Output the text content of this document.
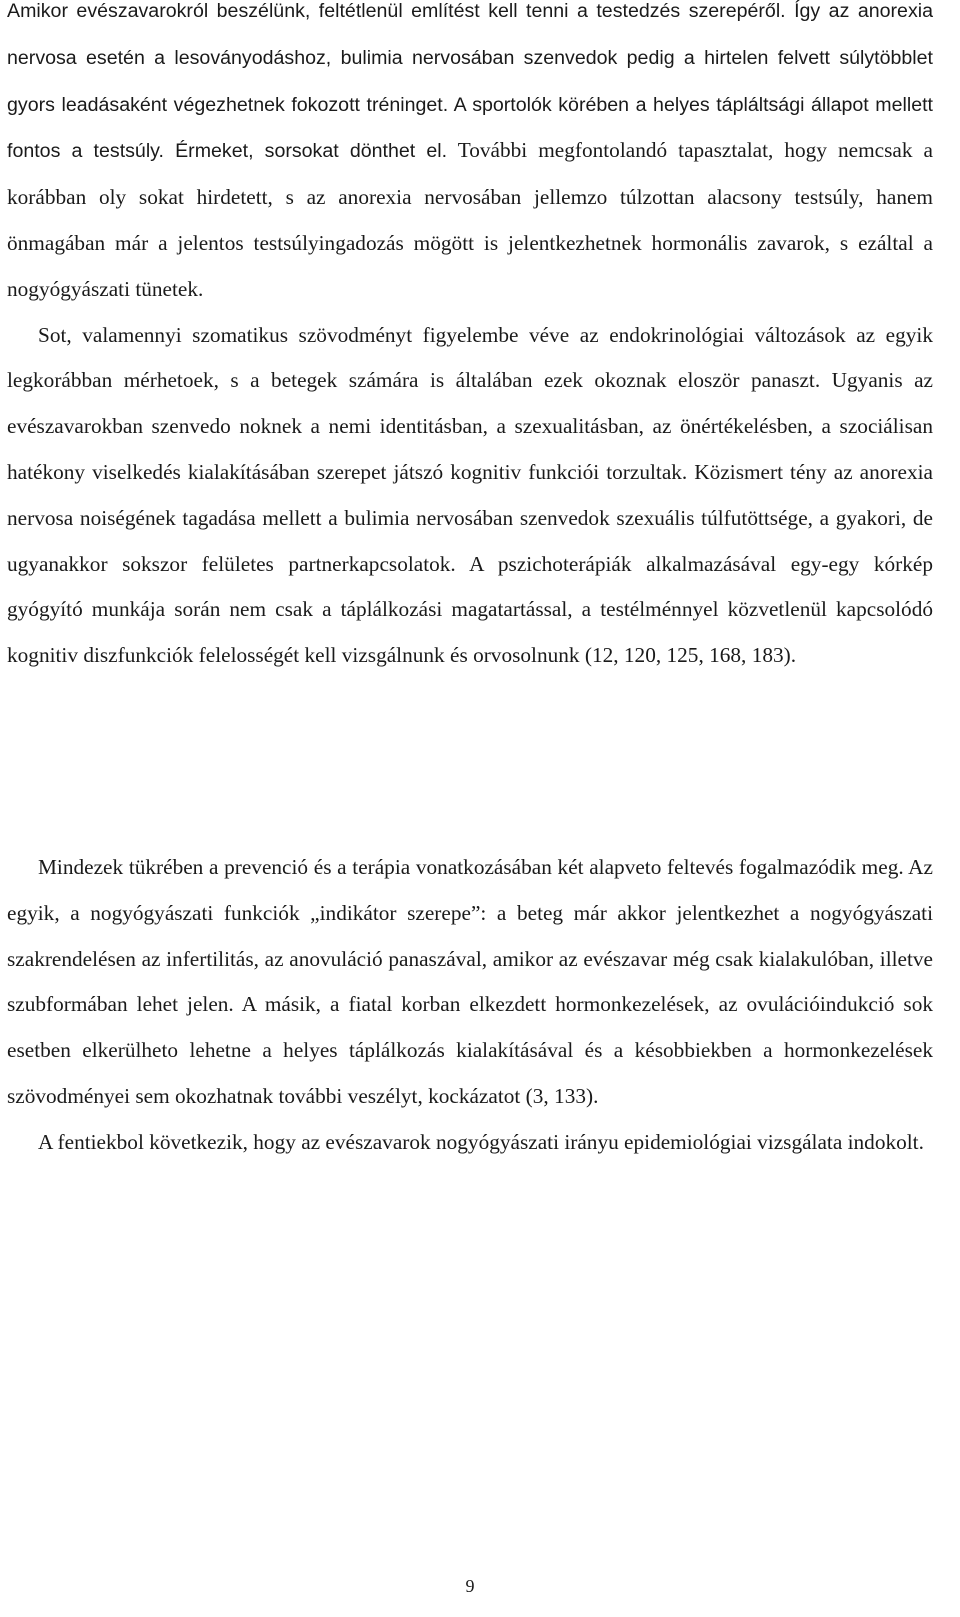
Amikor evészavarokról beszélünk, feltétlenül említést kell tenni a testedzés szerepéről. Így az anorexia nervosa esetén a lesoványodáshoz, bulimia nervosában szenvedok pedig a hirtelen felvett súlytöbblet gyors leadásaként végezhetnek fokozott tréninget. A sportolók körében a helyes tápláltsági állapot mellett fontos a testsúly. Érmeket, sorsokat dönthet el. További megfontolandó tapasztalat, hogy nemcsak a korábban oly sokat hirdetett, s az anorexia nervosában jellemzo túlzottan alacsony testsúly, hanem önmagában már a jelentos testsúlyingadozás mögött is jelentkezhetnek hormonális zavarok, s ezáltal a nogyógyászati tünetek.

Sot, valamennyi szomatikus szövodményt figyelembe véve az endokrinológiai változások az egyik legkorábban mérhetoek, s a betegek számára is általában ezek okoznak eloször panaszt. Ugyanis az evészavarokban szenvedo noknek a nemi identitásban, a szexualitásban, az önértékelésben, a szociálisan hatékony viselkedés kialakításában szerepet játszó kognitiv funkciói torzultak. Közismert tény az anorexia nervosa noiségének tagadása mellett a bulimia nervosában szenvedok szexuális túlfutöttsége, a gyakori, de ugyanakkor sokszor felületes partnerkapcsolatok. A pszichoterápiák alkalmazásával egy-egy kórkép gyógyító munkája során nem csak a táplálkozási magatartással, a testélménnyel közvetlenül kapcsolódó kognitiv diszfunkciók felelosségét kell vizsgálnunk és orvosolnunk (12, 120, 125, 168, 183).

Mindezek tükrében a prevenció és a terápia vonatkozásában két alapveto feltevés fogalmazódik meg. Az egyik, a nogyógyászati funkciók „indikátor szerepe”: a beteg már akkor jelentkezhet a nogyógyászati szakrendelésen az infertilitás, az anovuláció panaszával, amikor az evészavar még csak kialakulóban, illetve szubformában lehet jelen. A másik, a fiatal korban elkezdett hormonkezelések, az ovulációindukció sok esetben elkerülheto lehetne a helyes táplálkozás kialakításával és a késobbiekben a hormonkezelések szövodményei sem okozhatnak további veszélyt, kockázatot (3, 133).

A fentiekbol következik, hogy az evészavarok nogyógyászati irányu epidemiológiai vizsgálata indokolt.

9
